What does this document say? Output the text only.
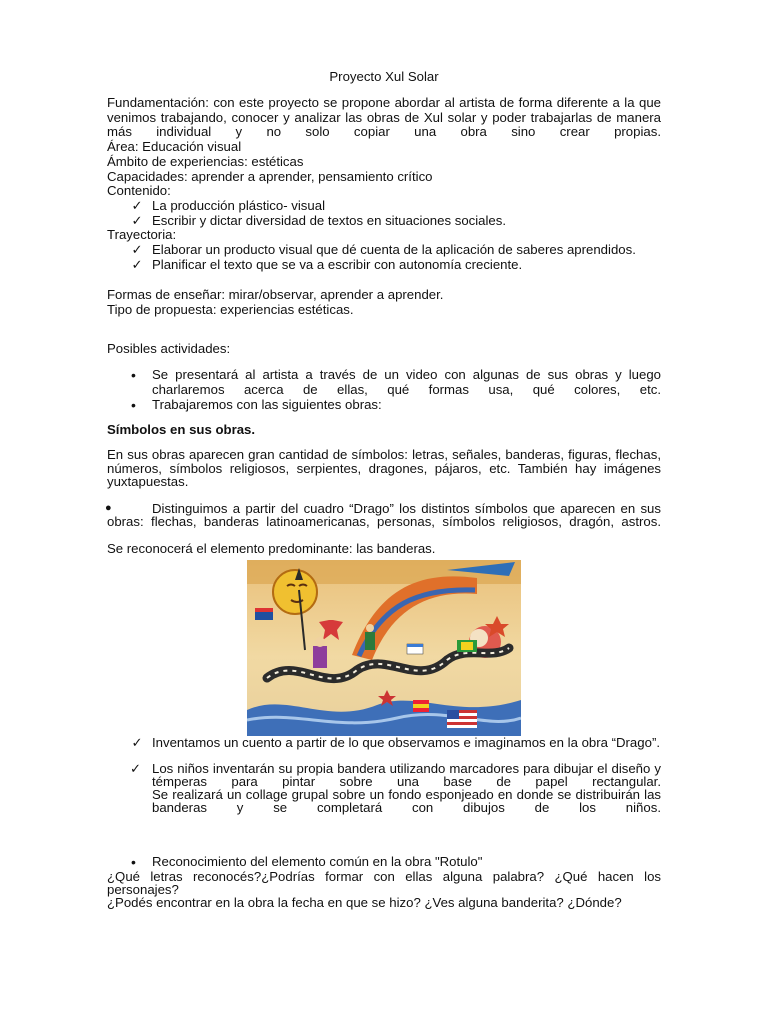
Proyecto Xul Solar
Fundamentación: con este proyecto se propone abordar al artista de forma diferente a la que venimos trabajando, conocer y analizar las obras de Xul solar y poder trabajarlas de manera más individual y no solo copiar una obra sino crear propias.
Área: Educación visual
Ámbito de experiencias: estéticas
Capacidades: aprender a aprender, pensamiento crítico
Contenido:
✓ La producción plástico- visual
✓ Escribir y dictar diversidad de textos en situaciones sociales.
Trayectoria:
✓ Elaborar un producto visual que dé cuenta de la aplicación de saberes aprendidos.
✓ Planificar el texto que se va a escribir con autonomía creciente.
Formas de enseñar: mirar/observar, aprender a aprender.
Tipo de propuesta: experiencias estéticas.
Posibles actividades:
• Se presentará al artista a través de un video con algunas de sus obras y luego charlaremos acerca de ellas, qué formas usa, qué colores, etc.
• Trabajaremos con las siguientes obras:
Símbolos en sus obras.
En sus obras aparecen gran cantidad de símbolos: letras, señales, banderas, figuras, flechas, números, símbolos religiosos, serpientes, dragones, pájaros, etc. También hay imágenes yuxtapuestas.
Distinguimos a partir del cuadro “Drago” los distintos símbolos que aparecen en sus obras: flechas, banderas latinoamericanas, personas, símbolos religiosos, dragón, astros.
●
Se reconocerá el elemento predominante: las banderas.
✓ Inventamos un cuento a partir de lo que observamos e imaginamos en la obra “Drago”.
✓ Los niños inventarán su propia bandera utilizando marcadores para dibujar el diseño y témperas para pintar sobre una base de papel rectangular.
Se realizará un collage grupal sobre un fondo esponjeado en donde se distribuirán las banderas y se completará con dibujos de los niños.
• Reconocimiento del elemento común en la obra "Rotulo"
¿Qué letras reconocés?¿Podrías formar con ellas alguna palabra? ¿Qué hacen los personajes?
¿Podés encontrar en la obra la fecha en que se hizo? ¿Ves alguna banderita? ¿Dónde?
